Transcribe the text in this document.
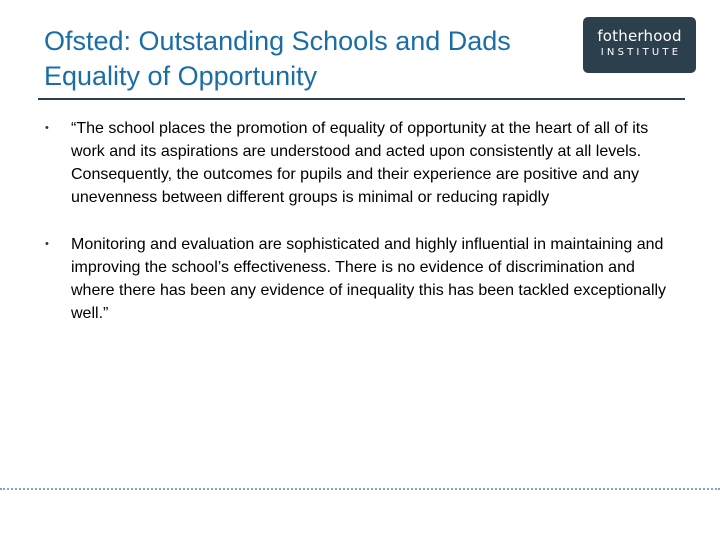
Ofsted: Outstanding Schools and Dads
Equality of Opportunity
fotherhood
INSTITUTE
• “The school places the promotion of equality of opportunity at the heart of all of its work and its aspirations are understood and acted upon consistently at all levels. Consequently, the outcomes for pupils and their experience are positive and any unevenness between different groups is minimal or reducing rapidly
• Monitoring and evaluation are sophisticated and highly influential in maintaining and improving the school’s effectiveness. There is no evidence of discrimination and where there has been any evidence of inequality this has been tackled exceptionally well.”
